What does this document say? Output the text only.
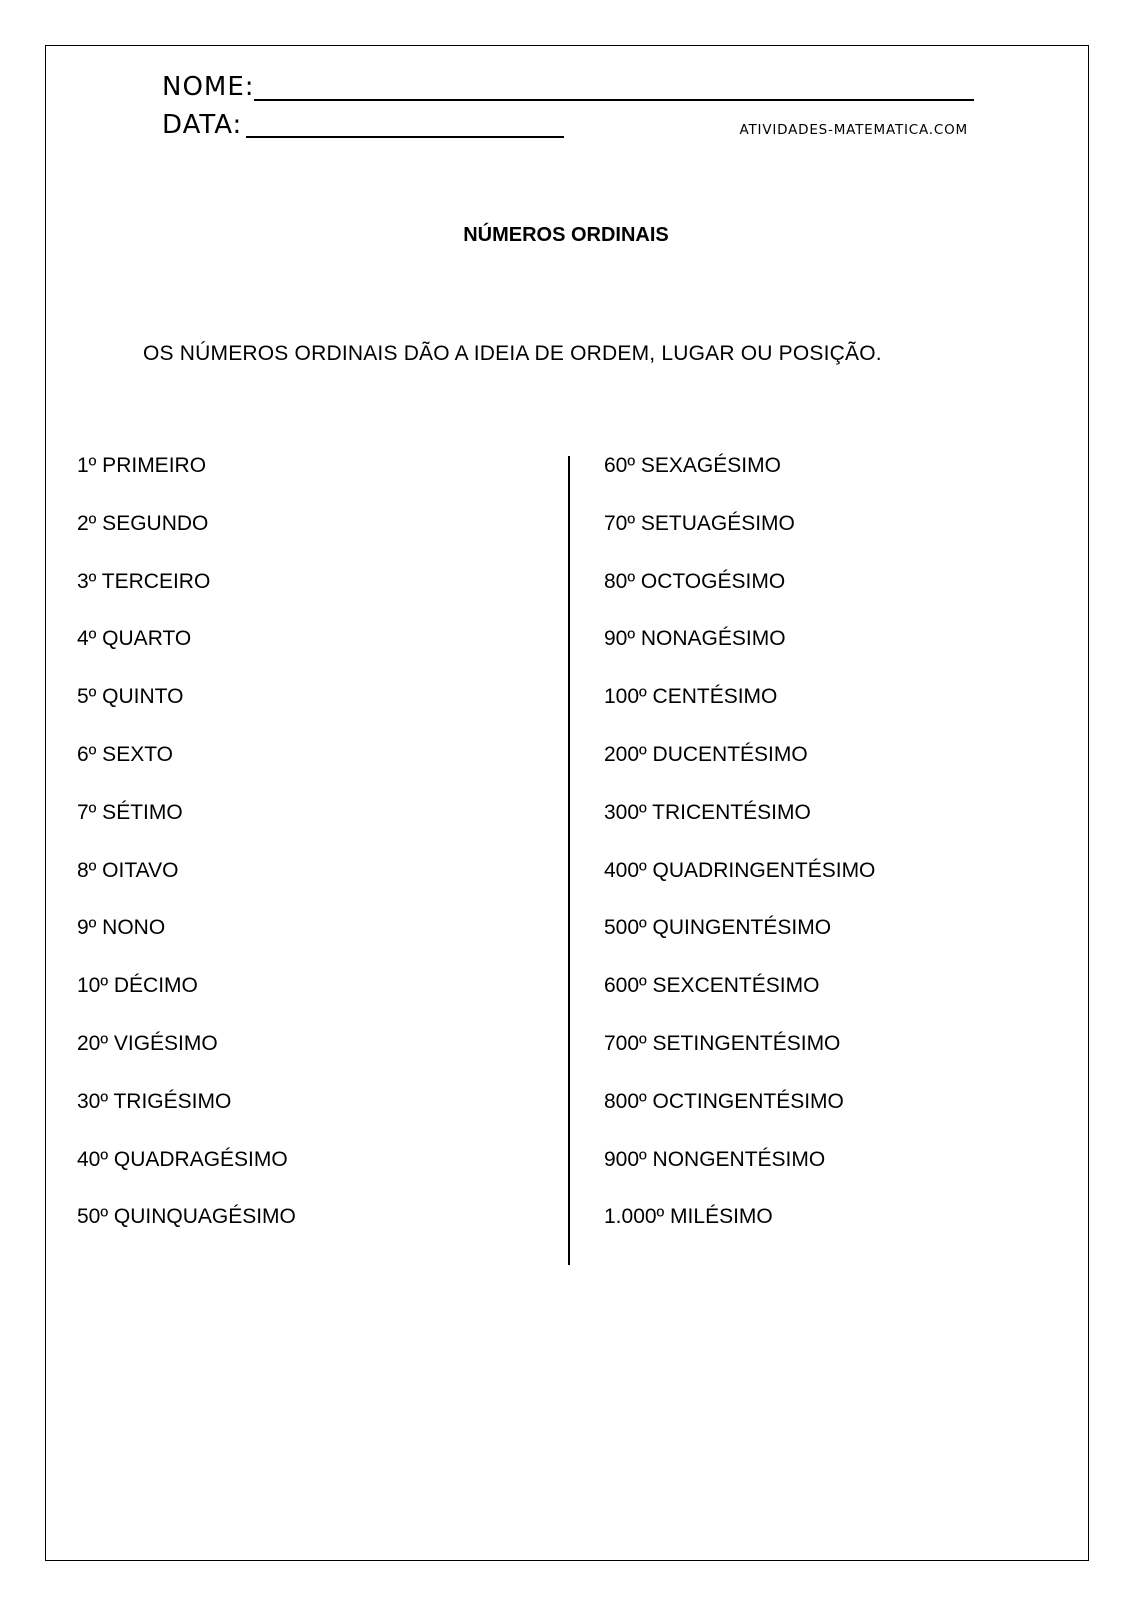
NOME:
DATA:	ATIVIDADES-MATEMATICA.COM
NÚMEROS ORDINAIS
OS NÚMEROS ORDINAIS DÃO A IDEIA DE ORDEM, LUGAR OU POSIÇÃO.
1º PRIMEIRO
2º SEGUNDO
3º TERCEIRO
4º QUARTO
5º QUINTO
6º SEXTO
7º SÉTIMO
8º OITAVO
9º NONO
10º DÉCIMO
20º VIGÉSIMO
30º TRIGÉSIMO
40º QUADRAGÉSIMO
50º QUINQUAGÉSIMO
60º SEXAGÉSIMO
70º SETUAGÉSIMO
80º OCTOGÉSIMO
90º NONAGÉSIMO
100º CENTÉSIMO
200º DUCENTÉSIMO
300º TRICENTÉSIMO
400º QUADRINGENTÉSIMO
500º QUINGENTÉSIMO
600º SEXCENTÉSIMO
700º SETINGENTÉSIMO
800º OCTINGENTÉSIMO
900º NONGENTÉSIMO
1.000º MILÉSIMO
